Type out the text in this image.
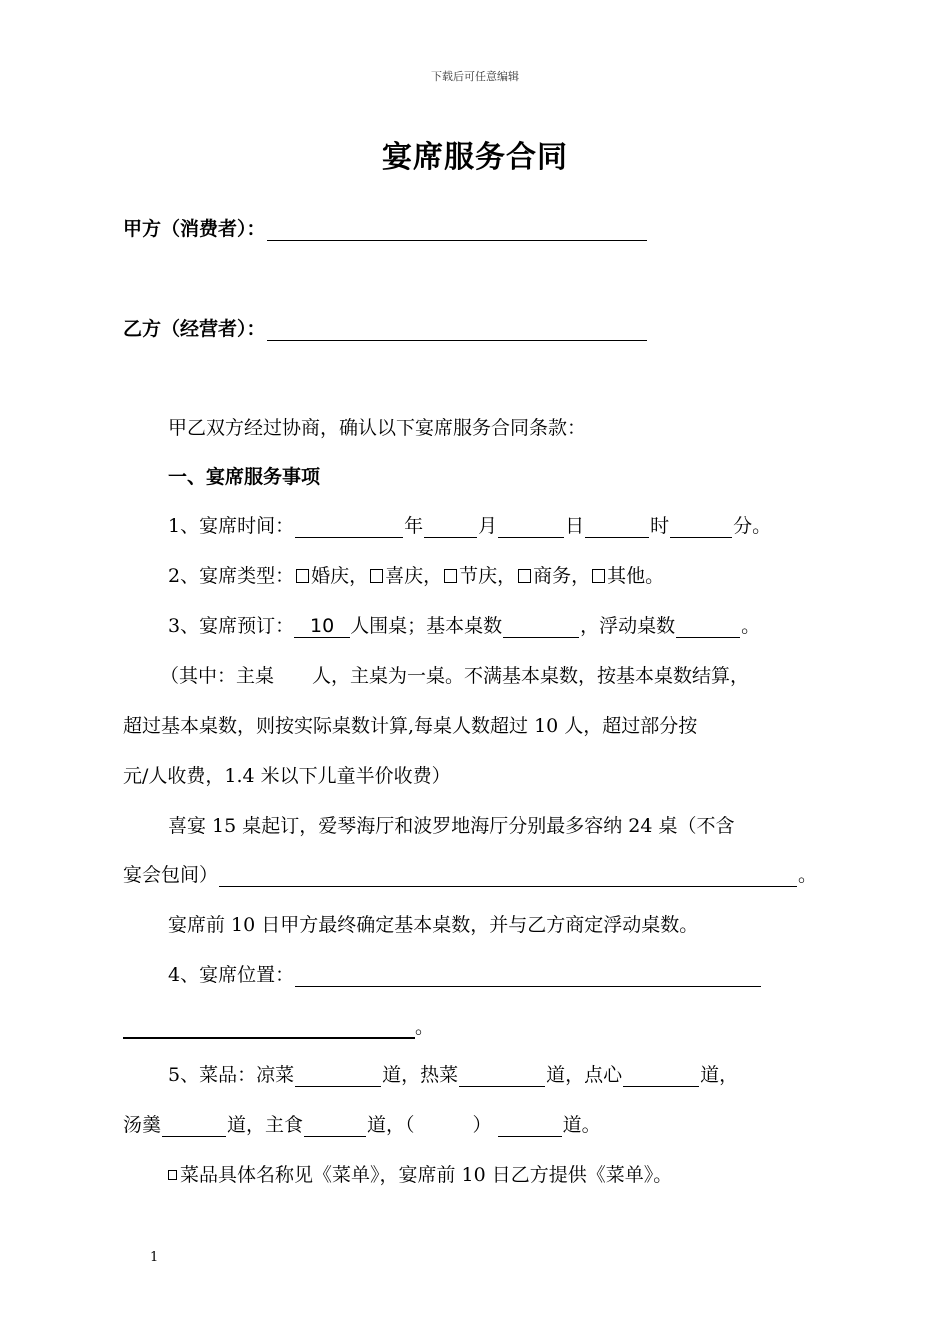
下载后可任意编辑
宴席服务合同
甲方（消费者）：
乙方（经营者）：
甲乙双方经过协商，确认以下宴席服务合同条款：
一、宴席服务事项
1、宴席时间：	年	月	日	时	分。
2、宴席类型： 婚庆， 喜庆， 节庆， 商务， 其他。
3、宴席预订： 10 人围桌；基本桌数	，浮动桌数	。
（其中：主桌　　人，主桌为一桌。不满基本桌数，按基本桌数结算，
超过基本桌数，则按实际桌数计算,每桌人数超过 10 人，超过部分按
元/人收费，1.4 米以下儿童半价收费）
喜宴 15 桌起订，爱琴海厅和波罗地海厅分别最多容纳 24 桌（不含
宴会包间）	。
宴席前 10 日甲方最终确定基本桌数，并与乙方商定浮动桌数。
4、宴席位置：
。
5、菜品：凉菜	道，热菜	道，点心	道，
汤羹	道，主食	道，（	）	道。
菜品具体名称见《菜单》，宴席前 10 日乙方提供《菜单》。
1
